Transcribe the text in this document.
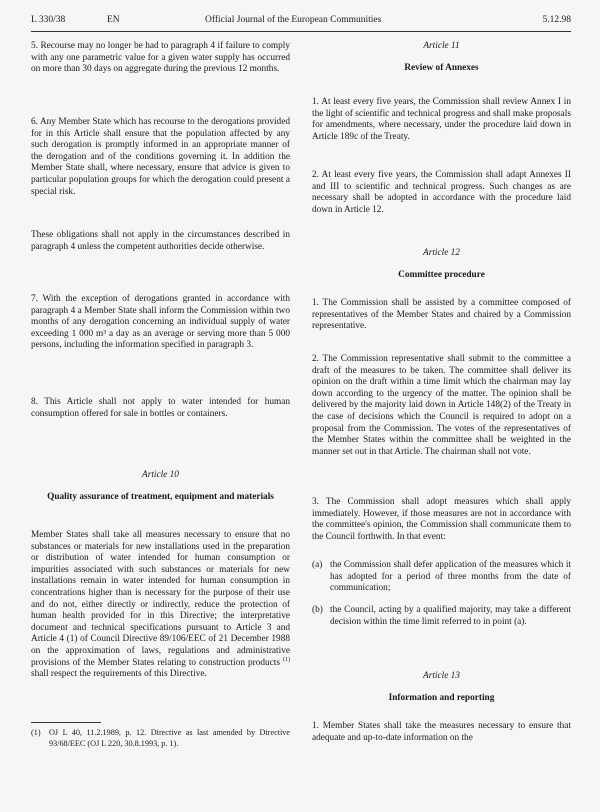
L 330/38	EN	Official Journal of the European Communities	5.12.98

5. Recourse may no longer be had to paragraph 4 if failure to comply with any one parametric value for a given water supply has occurred on more than 30 days on aggregate during the previous 12 months.

6. Any Member State which has recourse to the derogations provided for in this Article shall ensure that the population affected by any such derogation is promptly informed in an appropriate manner of the derogation and of the conditions governing it. In addition the Member State shall, where necessary, ensure that advice is given to particular population groups for which the derogation could present a special risk.

These obligations shall not apply in the circumstances described in paragraph 4 unless the competent authorities decide otherwise.

7. With the exception of derogations granted in accordance with paragraph 4 a Member State shall inform the Commission within two months of any derogation concerning an individual supply of water exceeding 1 000 m³ a day as an average or serving more than 5 000 persons, including the information specified in paragraph 3.

8. This Article shall not apply to water intended for human consumption offered for sale in bottles or containers.

Article 10

Quality assurance of treatment, equipment and materials

Member States shall take all measures necessary to ensure that no substances or materials for new installations used in the preparation or distribution of water intended for human consumption or impurities associated with such substances or materials for new installations remain in water intended for human consumption in concentrations higher than is necessary for the purpose of their use and do not, either directly or indirectly, reduce the protection of human health provided for in this Directive; the interpretative document and technical specifications pursuant to Article 3 and Article 4 (1) of Council Directive 89/106/EEC of 21 December 1988 on the approximation of laws, regulations and administrative provisions of the Member States relating to construction products $^{(1)}$ shall respect the requirements of this Directive.

(1) OJ L 40, 11.2.1989, p. 12. Directive as last amended by Directive 93/68/EEC (OJ L 220, 30.8.1993, p. 1).

Article 11

Review of Annexes

1. At least every five years, the Commission shall review Annex I in the light of scientific and technical progress and shall make proposals for amendments, where necessary, under the procedure laid down in Article 189c of the Treaty.

2. At least every five years, the Commission shall adapt Annexes II and III to scientific and technical progress. Such changes as are necessary shall be adopted in accordance with the procedure laid down in Article 12.

Article 12

Committee procedure

1. The Commission shall be assisted by a committee composed of representatives of the Member States and chaired by a Commission representative.

2. The Commission representative shall submit to the committee a draft of the measures to be taken. The committee shall deliver its opinion on the draft within a time limit which the chairman may lay down according to the urgency of the matter. The opinion shall be delivered by the majority laid down in Article 148(2) of the Treaty in the case of decisions which the Council is required to adopt on a proposal from the Commission. The votes of the representatives of the Member States within the committee shall be weighted in the manner set out in that Article. The chairman shall not vote.

3. The Commission shall adopt measures which shall apply immediately. However, if those measures are not in accordance with the committee's opinion, the Commission shall communicate them to the Council forthwith. In that event:

(a) the Commission shall defer application of the measures which it has adopted for a period of three months from the date of communication;
(b) the Council, acting by a qualified majority, may take a different decision within the time limit referred to in point (a).

Article 13

Information and reporting

1. Member States shall take the measures necessary to ensure that adequate and up-to-date information on the
